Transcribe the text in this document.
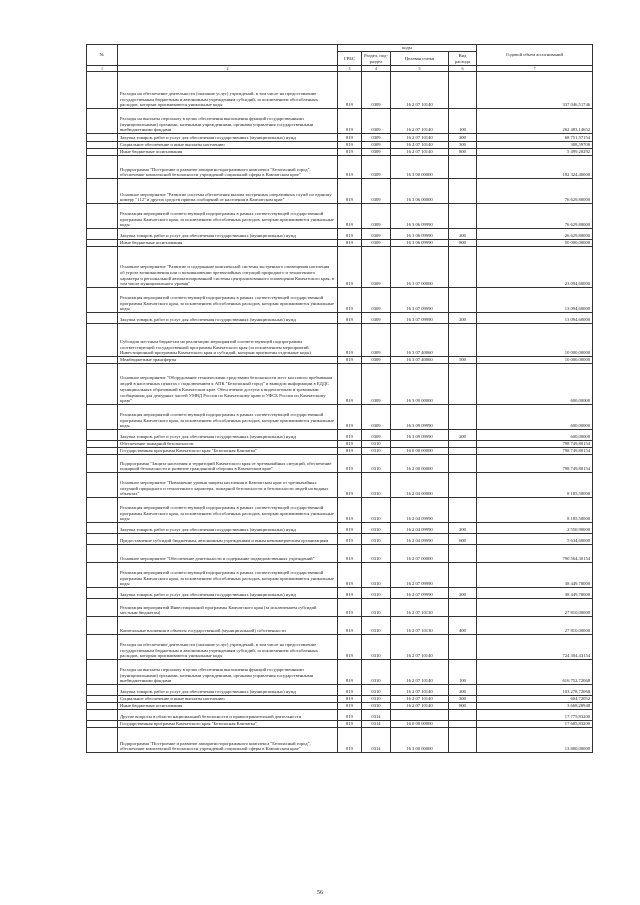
№		коды				Годовой объем ассигнований
		ГРБС	Раздел, под-раздел	Целевая статья	Вид расхода	
1	2	3	4	5	6	7
	Расходы на обеспечение деятельности (оказание услуг) учреждений, в том числе на предоставление государственным бюджетным и автономным учреждениям субсидий, за исключением обособленных расходов, которым присваиваются уникальные коды	819	0309	16 2 07 10140		337 046,51746
	Расходы на выплаты персоналу в целях обеспечения выполнения функций государственными (муниципальными) органами, казенными учреждениями, органами управления государственными внебюджетными фондами	819	0309	16 2 07 10140	100	262 483,14652
	Закупка товаров, работ и услуг для обеспечения государственных (муниципальных) нужд	819	0309	16 2 07 10140	200	68 751,57154
	Социальное обеспечение и иные выплаты населению	819	0309	16 2 07 10140	300	308,59708
	Иные бюджетные ассигнования	819	0309	16 2 07 10140	800	5 499,20292
	Подпрограмма "Построение и развитие аппаратно-программного комплекса "Безопасный город", обеспечение комплексной безопасности учреждений социальной сферы в Камчатском крае"	819	0309	16 3 00 00000		102 324,40000
	Основное мероприятие "Развитие системы обеспечения вызова экстренных оперативных служб по единому номеру "112" и других средств приема сообщений от населения в Камчатском крае"	819	0309	16 3 06 00000		76 629,80000
	Реализация мероприятий соответствующей подпрограммы в рамках соответствующей государственной программы Камчатского края, за исключением обособленных расходов, которым присваиваются уникальные коды	819	0309	16 3 06 09990		76 629,80000
	Закупка товаров, работ и услуг для обеспечения государственных (муниципальных) нужд	819	0309	16 3 06 09990	200	26 629,80000
	Иные бюджетные ассигнования	819	0309	16 3 06 09990	800	50 000,00000
	Основное мероприятие "Развитие и содержание комплексной системы экстренного оповещения населения об угрозе возникновения или о возникновении чрезвычайных ситуаций природного и техногенного характера и региональной автоматизированной системы централизованного оповещения Камчатского края, в том числе муниципального уровня"	819	0309	16 3 07 00000		23 094,60000
	Реализация мероприятий соответствующей подпрограммы в рамках соответствующей государственной программы Камчатского края, за исключением обособленных расходов, которым присваиваются уникальные коды	819	0309	16 3 07 09990		13 094,60000
	Закупка товаров, работ и услуг для обеспечения государственных (муниципальных) нужд	819	0309	16 3 07 09990	200	13 094,60000
	Субсидии местным бюджетам на реализацию мероприятий соответствующей подпрограммы соответствующей государственной программы Камчатского края (за исключением мероприятий Инвестиционной программы Камчатского края и субсидий, которым присвоены отдельные коды)	819	0309	16 3 07 40060		10 000,00000
	Межбюджетные трансферты	819	0309	16 3 07 40060	500	10 000,00000
	Основное мероприятие "Оборудование техническими средствами безопасности мест массового пребывания людей в населенных пунктах с подключением к АПК "Безопасный город" и выводом информации в ЕДДС муниципальных образований в Камчатском крае. Обеспечение доступа к видеопотокам и тревожным сообщениям для дежурных частей УМВД России по Камчатскому краю и УФСБ России по Камчатскому краю"	819	0309	16 3 09 00000		600,00000
	Реализация мероприятий соответствующей подпрограммы в рамках соответствующей государственной программы Камчатского края, за исключением обособленных расходов, которым присваиваются уникальные коды	819	0309	16 3 09 09990		600,00000
	Закупка товаров, работ и услуг для обеспечения государственных (муниципальных) нужд	819	0309	16 3 09 09990	200	600,00000
	Обеспечение пожарной безопасности	819	0310			798 749,80154
	Государственная программа Камчатского края "Безопасная Камчатка"	819	0310	16 0 00 00000		798 749,80154
	Подпрограмма "Защита населения и территорий Камчатского края от чрезвычайных ситуаций, обеспечение пожарной безопасности и развитие гражданской обороны в Камчатском крае"	819	0310	16 2 00 00000		798 749,80154
	Основное мероприятие "Повышение уровня защиты населения в Камчатском крае от чрезвычайных ситуаций природного и техногенного характера, пожарной безопасности и безопасности людей на водных объектах"	819	0310	16 2 04 00000		8 185,50000
	Реализация мероприятий соответствующей подпрограммы в рамках соответствующей государственной программы Камчатского края, за исключением обособленных расходов, которым присваиваются уникальные коды	819	0310	16 2 04 09990		8 185,50000
	Закупка товаров, работ и услуг для обеспечения государственных (муниципальных) нужд	819	0310	16 2 04 09990	200	2 550,90000
	Предоставление субсидий бюджетным, автономным учреждениям и иным некоммерческим организациям	819	0310	16 2 04 09990	600	5 634,60000
	Основное мероприятие "Обеспечение деятельности и содержание подведомственных учреждений"	819	0310	16 2 07 00000		790 564,30154
	Реализация мероприятий соответствующей подпрограммы в рамках соответствующей государственной программы Камчатского края, за исключением обособленных расходов, которым присваиваются уникальные коды	819	0310	16 2 07 09990		38 449,78000
	Закупка товаров, работ и услуг для обеспечения государственных (муниципальных) нужд	819	0310	16 2 07 09990	200	38 449,78000
	Реализация мероприятий Инвестиционной программы Камчатского края (за исключением субсидий местным бюджетам)	819	0310	16 2 07 10130		27 810,00000
	Капитальные вложения в объекты государственной (муниципальной) собственности	819	0310	16 2 07 10130	400	27 810,00000
	Расходы на обеспечение деятельности (оказание услуг) учреждений, в том числе на предоставление государственным бюджетным и автономным учреждениям субсидий, за исключением обособленных расходов, которым присваиваются уникальные коды	819	0310	16 2 07 10140		724 304,43154
	Расходы на выплаты персоналу в целях обеспечения выполнения функций государственными (муниципальными) органами, казенными учреждениями, органами управления государственными внебюджетными фондами	819	0310	16 2 07 10140	100	616 752,72068
	Закупка товаров, работ и услуг для обеспечения государственных (муниципальных) нужд	819	0310	16 2 07 10140	200	103 278,72068
	Социальное обеспечение и иные выплаты населению	819	0310	16 2 07 10140	300	604,72052
	Иные бюджетные ассигнования	819	0310	16 2 07 10140	800	3 668,28948
	Другие вопросы в области национальной безопасности и правоохранительной деятельности	819	0314			17 775,83200
	Государственная программа Камчатского края "Безопасная Камчатка"	819	0314	16 0 00 00000		17 685,83200
	Подпрограмма "Построение и развитие аппаратно-программного комплекса "Безопасный город", обеспечение комплексной безопасности учреждений социальной сферы в Камчатском крае"	819	0314	16 3 00 00000		13 800,00000
56
